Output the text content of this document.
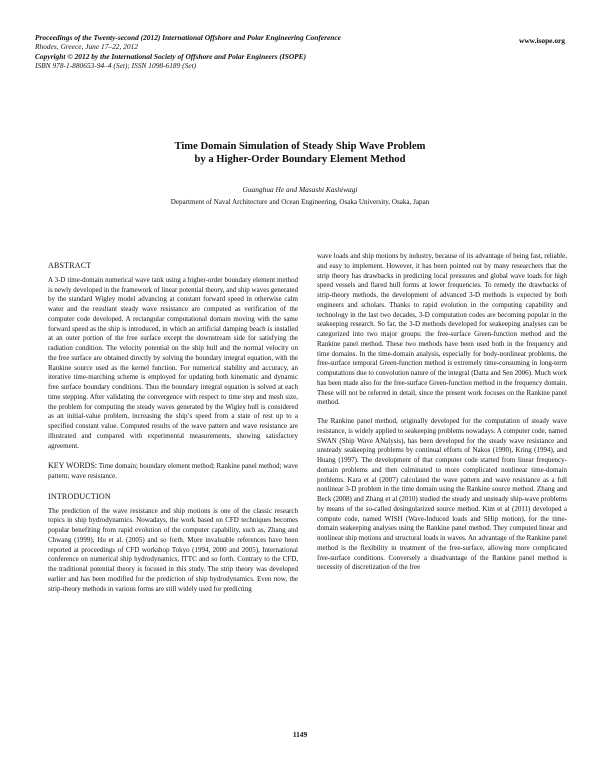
Proceedings of the Twenty-second (2012) International Offshore and Polar Engineering Conference
Rhodes, Greece, June 17–22, 2012
Copyright © 2012 by the International Society of Offshore and Polar Engineers (ISOPE)
ISBN 978-1-880653-94–4 (Set); ISSN 1098-6189 (Set)
www.isope.org
Time Domain Simulation of Steady Ship Wave Problem
by a Higher-Order Boundary Element Method
Guanghua He and Masashi Kashiwagi
Department of Naval Architecture and Ocean Engineering, Osaka University, Osaka, Japan
ABSTRACT

A 3-D time-domain numerical wave tank using a higher-order boundary element method is newly developed in the framework of linear potential theory, and ship waves generated by the standard Wigley model advancing at constant forward speed in otherwise calm water and the resultant steady wave resistance are computed as verification of the computer code developed. A rectangular computational domain moving with the same forward speed as the ship is introduced, in which an artificial damping beach is installed at an outer portion of the free surface except the downstream side for satisfying the radiation condition. The velocity potential on the ship hull and the normal velocity on the free surface are obtained directly by solving the boundary integral equation, with the Rankine source used as the kernel function. For numerical stability and accuracy, an iterative time-marching scheme is employed for updating both kinematic and dynamic free surface boundary conditions. Thus the boundary integral equation is solved at each time stepping. After validating the convergence with respect to time step and mesh size, the problem for computing the steady waves generated by the Wigley hull is considered as an initial-value problem, increasing the ship’s speed from a state of rest up to a specified constant value. Computed results of the wave pattern and wave resistance are illustrated and compared with experimental measurements, showing satisfactory agreement.

KEY WORDS: Time domain; boundary element method; Rankine panel method; wave pattern; wave resistance.

INTRODUCTION

The prediction of the wave resistance and ship motions is one of the classic research topics in ship hydrodynamics. Nowadays, the work based on CFD techniques becomes popular benefiting from rapid evolution of the computer capability, such as, Zhang and Chwang (1999), Hu et al. (2005) and so forth. More invaluable references have been reported at proceedings of CFD workshop Tokyo (1994, 2000 and 2005), International conference on numerical ship hydrodynamics, ITTC and so forth. Contrary to the CFD, the traditional potential theory is focused in this study. The strip theory was developed earlier and has been modified for the prediction of ship hydrodynamics. Even now, the strip-theory methods in various forms are still widely used for predicting

wave loads and ship motions by industry, because of its advantage of being fast, reliable, and easy to implement. However, it has been pointed out by many researchers that the strip theory has drawbacks in predicting local pressures and global wave loads for high speed vessels and flared hull forms at lower frequencies. To remedy the drawbacks of strip-theory methods, the development of advanced 3-D methods is expected by both engineers and scholars. Thanks to rapid evolution in the computing capability and technology in the last two decades, 3-D computation codes are becoming popular in the seakeeping research. So far, the 3-D methods developed for seakeeping analyses can be categorized into two major groups: the free-surface Green-function method and the Rankine panel method. These two methods have been used both in the frequency and time domains. In the time-domain analysis, especially for body-nonlinear problems, the free-surface temporal Green-function method is extremely time-consuming in long-term computations due to convolution nature of the integral (Datta and Sen 2006). Much work has been made also for the free-surface Green-function method in the frequency domain. These will not be referred in detail, since the present work focuses on the Rankine panel method.

The Rankine panel method, originally developed for the computation of steady wave resistance, is widely applied to seakeeping problems nowadays. A computer code, named SWAN (Ship Wave ANalysis), has been developed for the steady wave resistance and unsteady seakeeping problems by continual efforts of Nakos (1990), Kring (1994), and Huang (1997). The development of that computer code started from linear frequency-domain problems and then culminated to more complicated nonlinear time-domain problems. Kara et al (2007) calculated the wave pattern and wave resistance as a full nonlinear 3-D problem in the time domain using the Rankine source method. Zhang and Beck (2008) and Zhang et al (2010) studied the steady and unsteady ship-wave problems by means of the so-called desingularized source method. Kim et al (2011) developed a compute code, named WISH (Wave-Induced loads and SHip motion), for the time-domain seakeeping analyses using the Rankine panel method. They computed linear and nonlinear ship motions and structural loads in waves. An advantage of the Rankine panel method is the flexibility in treatment of the free-surface, allowing more complicated free-surface conditions. Conversely a disadvantage of the Rankine panel method is necessity of discretization of the free

1149
